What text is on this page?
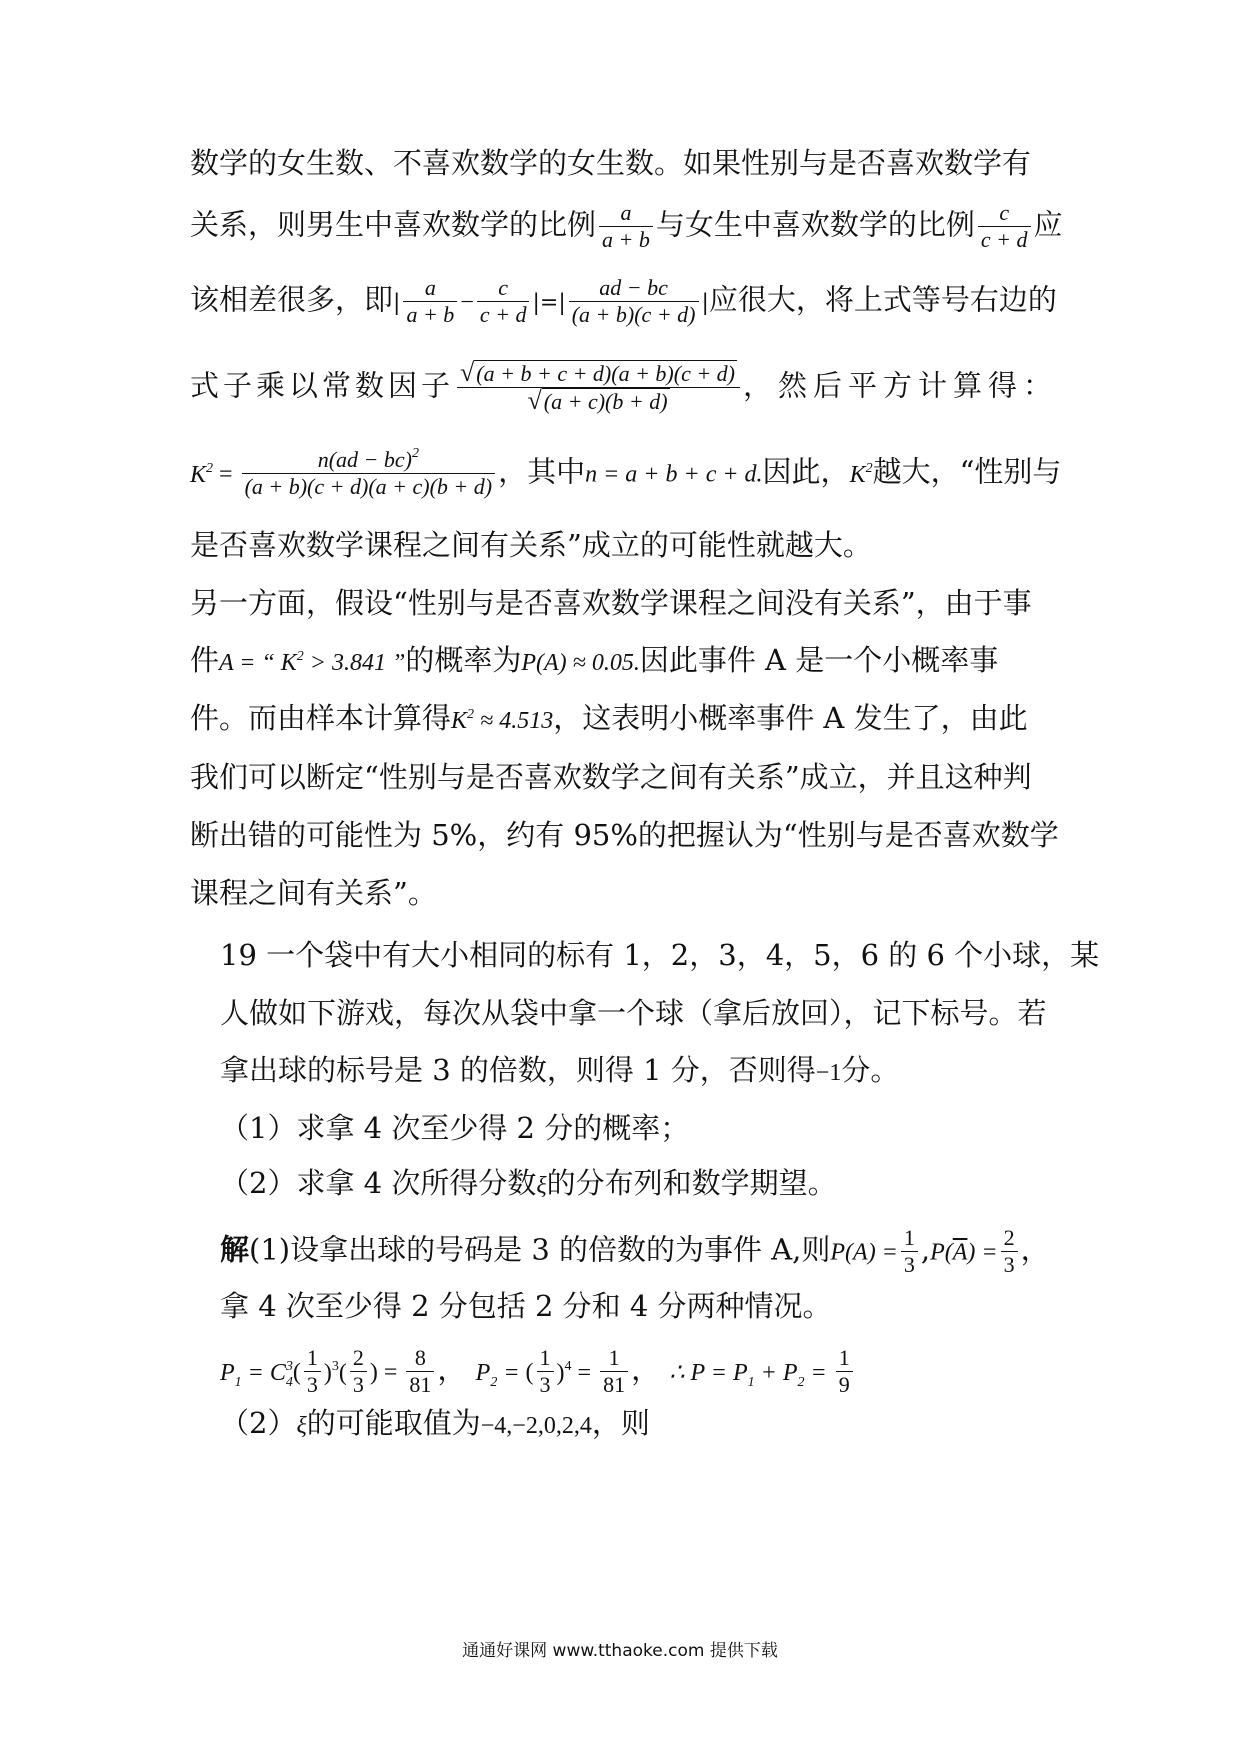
数学的女生数、不喜欢数学的女生数。如果性别与是否喜欢数学有
关系，则男生中喜欢数学的比例 $\frac{a}{a + b}$ 与女生中喜欢数学的比例 $\frac{c}{c + d}$ 应
该相差很多，即| $\frac{a}{a + b} - \frac{c}{c + d}$ |=| $\frac{ad - bc}{(a + b)(c + d)}$ |应很大，将上式等号右边的
式子乘以常数因子 $\frac{√(a + b + c + d)(a + b)(c + d)}{√(a + c)(b + d)}$ ，然后平方计算得：
$K^2 = \frac{n(ad - bc)^2}{(a + b)(c + d)(a + c)(b + d)}$ ，其中n = a + b + c + d.因此，$K^2$越大，“性别与
是否喜欢数学课程之间有关系”成立的可能性就越大。
另一方面，假设“性别与是否喜欢数学课程之间没有关系”，由于事
件A = “ $K^2 > 3.841$ ”的概率为P(A) ≈ 0.05.因此事件 A 是一个小概率事
件。而由样本计算得$K^2 \approx 4.513$，这表明小概率事件 A 发生了，由此
我们可以断定“性别与是否喜欢数学之间有关系”成立，并且这种判
断出错的可能性为 5%，约有 95%的把握认为“性别与是否喜欢数学
课程之间有关系”。
19 一个袋中有大小相同的标有 1，2，3，4，5，6 的 6 个小球，某
人做如下游戏，每次从袋中拿一个球（拿后放回），记下标号。若
拿出球的标号是 3 的倍数，则得 1 分，否则得−1分。
（1）求拿 4 次至少得 2 分的概率；
（2）求拿 4 次所得分数ξ的分布列和数学期望。
解(1)设拿出球的号码是 3 的倍数的为事件 A,则$P(A) = \frac{1}{3} ,P(\overline{A}) = \frac{2}{3}$ ，
拿 4 次至少得 2 分包括 2 分和 4 分两种情况。
$P_1 = C^3_4( \frac{1}{3} )^3( \frac{2}{3}$ ) = $\frac{8}{81}$ ， $P_2$ = ( $\frac{1}{3} )^4 = \frac{1}{81}$ ， ∴ $P = P_1 + P_2 = \frac{1}{9}$
（2）ξ的可能取值为−4,−2,0,2,4，则
通通好课网 www.tthaoke.com 提供下载
